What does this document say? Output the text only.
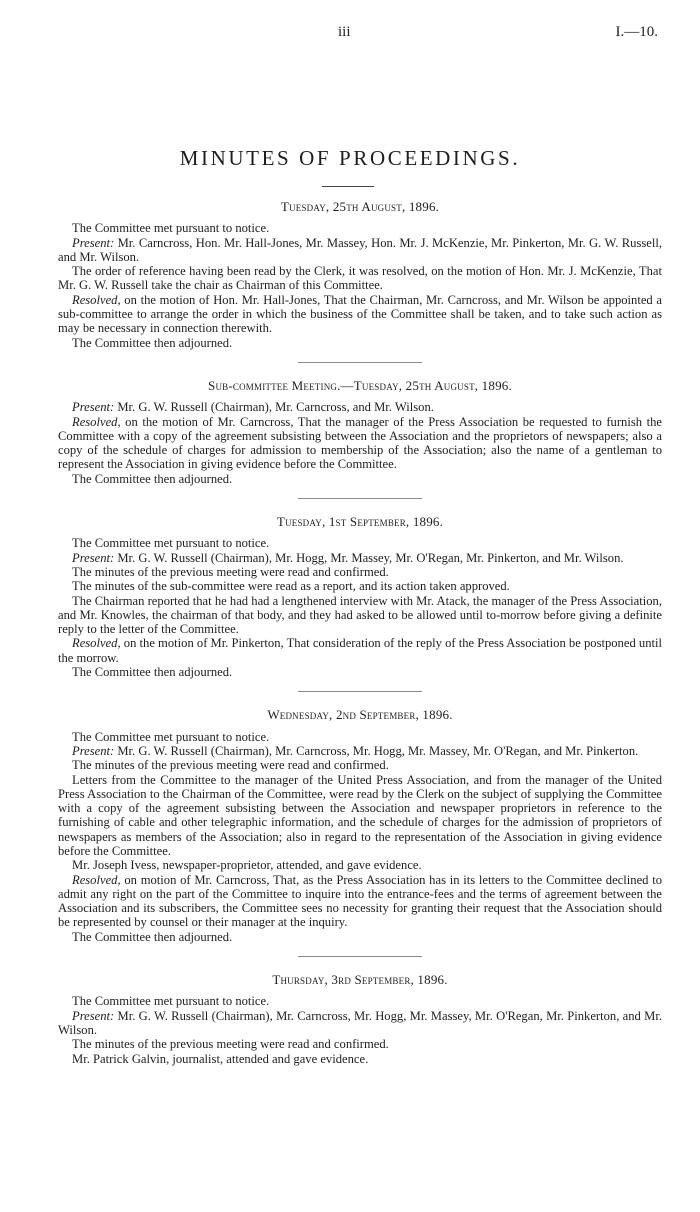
iii	I.—10.
MINUTES OF PROCEEDINGS.
Tuesday, 25th August, 1896.

The Committee met pursuant to notice.

Present: Mr. Carncross, Hon. Mr. Hall-Jones, Mr. Massey, Hon. Mr. J. McKenzie, Mr. Pinkerton, Mr. G. W. Russell, and Mr. Wilson.

The order of reference having been read by the Clerk, it was resolved, on the motion of Hon. Mr. J. McKenzie, That Mr. G. W. Russell take the chair as Chairman of this Committee.

Resolved, on the motion of Hon. Mr. Hall-Jones, That the Chairman, Mr. Carncross, and Mr. Wilson be appointed a sub-committee to arrange the order in which the business of the Committee shall be taken, and to take such action as may be necessary in connection therewith.

The Committee then adjourned.

Sub-committee Meeting.—Tuesday, 25th August, 1896.

Present: Mr. G. W. Russell (Chairman), Mr. Carncross, and Mr. Wilson.

Resolved, on the motion of Mr. Carncross, That the manager of the Press Association be requested to furnish the Committee with a copy of the agreement subsisting between the Association and the proprietors of newspapers; also a copy of the schedule of charges for admission to membership of the Association; also the name of a gentleman to represent the Association in giving evidence before the Committee.

The Committee then adjourned.

Tuesday, 1st September, 1896.

The Committee met pursuant to notice.

Present: Mr. G. W. Russell (Chairman), Mr. Hogg, Mr. Massey, Mr. O'Regan, Mr. Pinkerton, and Mr. Wilson.

The minutes of the previous meeting were read and confirmed.

The minutes of the sub-committee were read as a report, and its action taken approved.

The Chairman reported that he had had a lengthened interview with Mr. Atack, the manager of the Press Association, and Mr. Knowles, the chairman of that body, and they had asked to be allowed until to-morrow before giving a definite reply to the letter of the Committee.

Resolved, on the motion of Mr. Pinkerton, That consideration of the reply of the Press Association be postponed until the morrow.

The Committee then adjourned.

Wednesday, 2nd September, 1896.

The Committee met pursuant to notice.

Present: Mr. G. W. Russell (Chairman), Mr. Carncross, Mr. Hogg, Mr. Massey, Mr. O'Regan, and Mr. Pinkerton.

The minutes of the previous meeting were read and confirmed.

Letters from the Committee to the manager of the United Press Association, and from the manager of the United Press Association to the Chairman of the Committee, were read by the Clerk on the subject of supplying the Committee with a copy of the agreement subsisting between the Association and newspaper proprietors in reference to the furnishing of cable and other telegraphic information, and the schedule of charges for the admission of proprietors of newspapers as members of the Association; also in regard to the representation of the Association in giving evidence before the Committee.

Mr. Joseph Ivess, newspaper-proprietor, attended, and gave evidence.

Resolved, on motion of Mr. Carncross, That, as the Press Association has in its letters to the Committee declined to admit any right on the part of the Committee to inquire into the entrance-fees and the terms of agreement between the Association and its subscribers, the Committee sees no necessity for granting their request that the Association should be represented by counsel or their manager at the inquiry.

The Committee then adjourned.

Thursday, 3rd September, 1896.

The Committee met pursuant to notice.

Present: Mr. G. W. Russell (Chairman), Mr. Carncross, Mr. Hogg, Mr. Massey, Mr. O'Regan, Mr. Pinkerton, and Mr. Wilson.

The minutes of the previous meeting were read and confirmed.

Mr. Patrick Galvin, journalist, attended and gave evidence.
